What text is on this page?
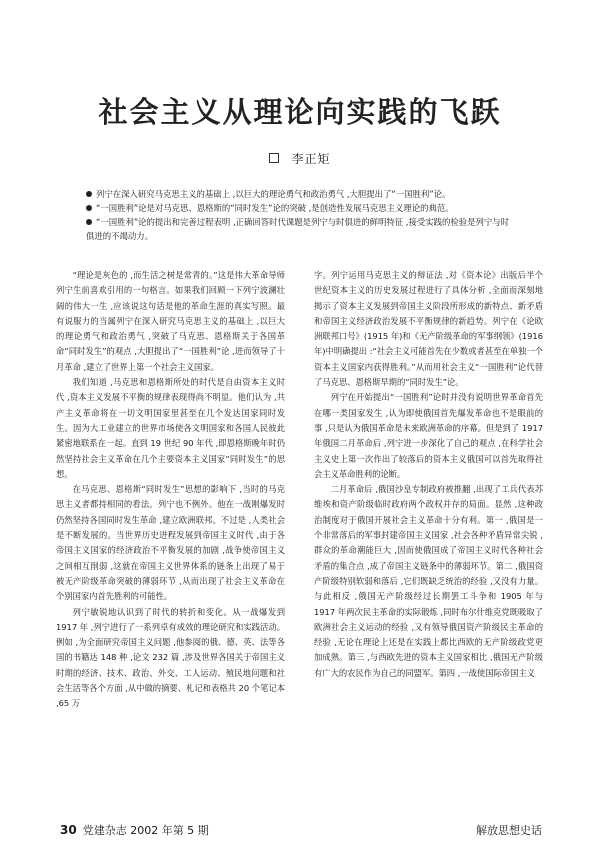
社会主义从理论向实践的飞跃
李正矩

列宁在深入研究马克思主义的基础上 ,以巨大的理论勇气和政治勇气 ,大胆提出了“一国胜利”论。

“一国胜利”论是对马克思、恩格斯的“同时发生”论的突破 ,是创造性发展马克思主义理论的典范。

“一国胜利”论的提出和完善过程表明 ,正确回答时代课题是列宁与时俱进的鲜明特征 ,接受实践的检验是列宁与时俱进的不竭动力。

“理论是灰色的 ,而生活之树是常青的。”这是伟大革命导师列宁生前喜欢引用的一句格言。如果我们回顾一下列宁波澜壮阔的伟大一生 ,应该说这句话是他的革命生涯的真实写照。最有说服力的当属列宁在深入研究马克思主义的基础上 ,以巨大的理论勇气和政治勇气 ,突破了马克思、恩格斯关于各国革命“同时发生”的观点 ,大胆提出了“一国胜利”论 ,进而领导了十月革命 ,建立了世界上第一个社会主义国家。

我们知道 ,马克思和恩格斯所处的时代是自由资本主义时代 ,资本主义发展不平衡的规律表现得尚不明显。他们认为 ,共产主义革命将在一切文明国家里甚至在几个发达国家同时发生。因为大工业建立的世界市场使各文明国家和各国人民彼此紧密地联系在一起。直到 19 世纪 90 年代 ,即恩格斯晚年时仍然坚持社会主义革命在几个主要资本主义国家“同时发生”的思想。

在马克思、恩格斯“同时发生”思想的影响下 ,当时的马克思主义者都持相同的看法。列宁也不例外。他在一战刚爆发时仍然坚持各国同时发生革命 ,建立欧洲联邦。不过是 ,人类社会是不断发展的。当世界历史进程发展到帝国主义时代 ,由于各帝国主义国家的经济政治不平衡发展的加剧 ,战争使帝国主义之间相互削弱 ,这就在帝国主义世界体系的链条上出现了易于被无产阶级革命突破的薄弱环节 ,从而出现了社会主义革命在个别国家内首先胜利的可能性。

列宁敏锐地认识到了时代的转折和变化。从一战爆发到 1917 年 ,列宁进行了一系列卓有成效的理论研究和实践活动。例如 ,为全面研究帝国主义问题 ,他参阅的俄、德、英、法等各国的书籍达 148 种 ,论文 232 篇 ,涉及世界各国关于帝国主义时期的经济、技术、政治、外交、工人运动、殖民地问题和社会生活等各个方面 ,从中做的摘要、札记和表格共 20 个笔记本 ,65 万

字。列宁运用马克思主义的辩证法 ,对《资本论》出版后半个世纪资本主义的历史发展过程进行了具体分析 ,全面而深刻地揭示了资本主义发展到帝国主义阶段所形成的新特点、新矛盾和帝国主义经济政治发展不平衡规律的新趋势。列宁在《论欧洲联邦口号》(1915 年)和《无产阶级革命的军事纲领》(1916 年)中明确提出 :“社会主义可能首先在少数或者甚至在单独一个资本主义国家内获得胜利。”从而用社会主义“一国胜利”论代替了马克思、恩格斯早期的“同时发生”论。

列宁在开始提出“一国胜利”论时并没有说明世界革命首先在哪一类国家发生 ,认为即使俄国首先爆发革命也不是眼前的事 ,只是认为俄国革命是未来欧洲革命的序幕。但是到了 1917 年俄国二月革命后 ,列宁进一步深化了自己的观点 ,在科学社会主义史上第一次作出了较落后的资本主义俄国可以首先取得社会主义革命胜利的论断。

二月革命后 ,俄国沙皇专制政府被推翻 ,出现了工兵代表苏维埃和资产阶级临时政府两个政权并存的局面。显然 ,这种政治制度对于俄国开展社会主义革命十分有利。第一 ,俄国是一个非常落后的军事封建帝国主义国家 ,社会各种矛盾异常尖锐 ,群众的革命潮能巨大 ,因而使俄国成了帝国主义时代各种社会矛盾的集合点 ,成了帝国主义链条中的薄弱环节。第二 ,俄国资产阶级特别软弱和落后 ,它们既缺乏统治的经验 ,又没有力量。与此相反 ,俄国无产阶级经过长期罢工斗争和 1905 年与 1917 年两次民主革命的实际锻炼 ,同时布尔什维克党既吸取了欧洲社会主义运动的经验 ,又有领导俄国资产阶级民主革命的经验 ,无论在理论上还是在实践上都比西欧的无产阶级政党更加成熟。第三 ,与西欧先进的资本主义国家相比 ,俄国无产阶级有广大的农民作为自己的同盟军。第四 ,一战使国际帝国主义

30 党建杂志 2002 年第 5 期	解放思想史话
